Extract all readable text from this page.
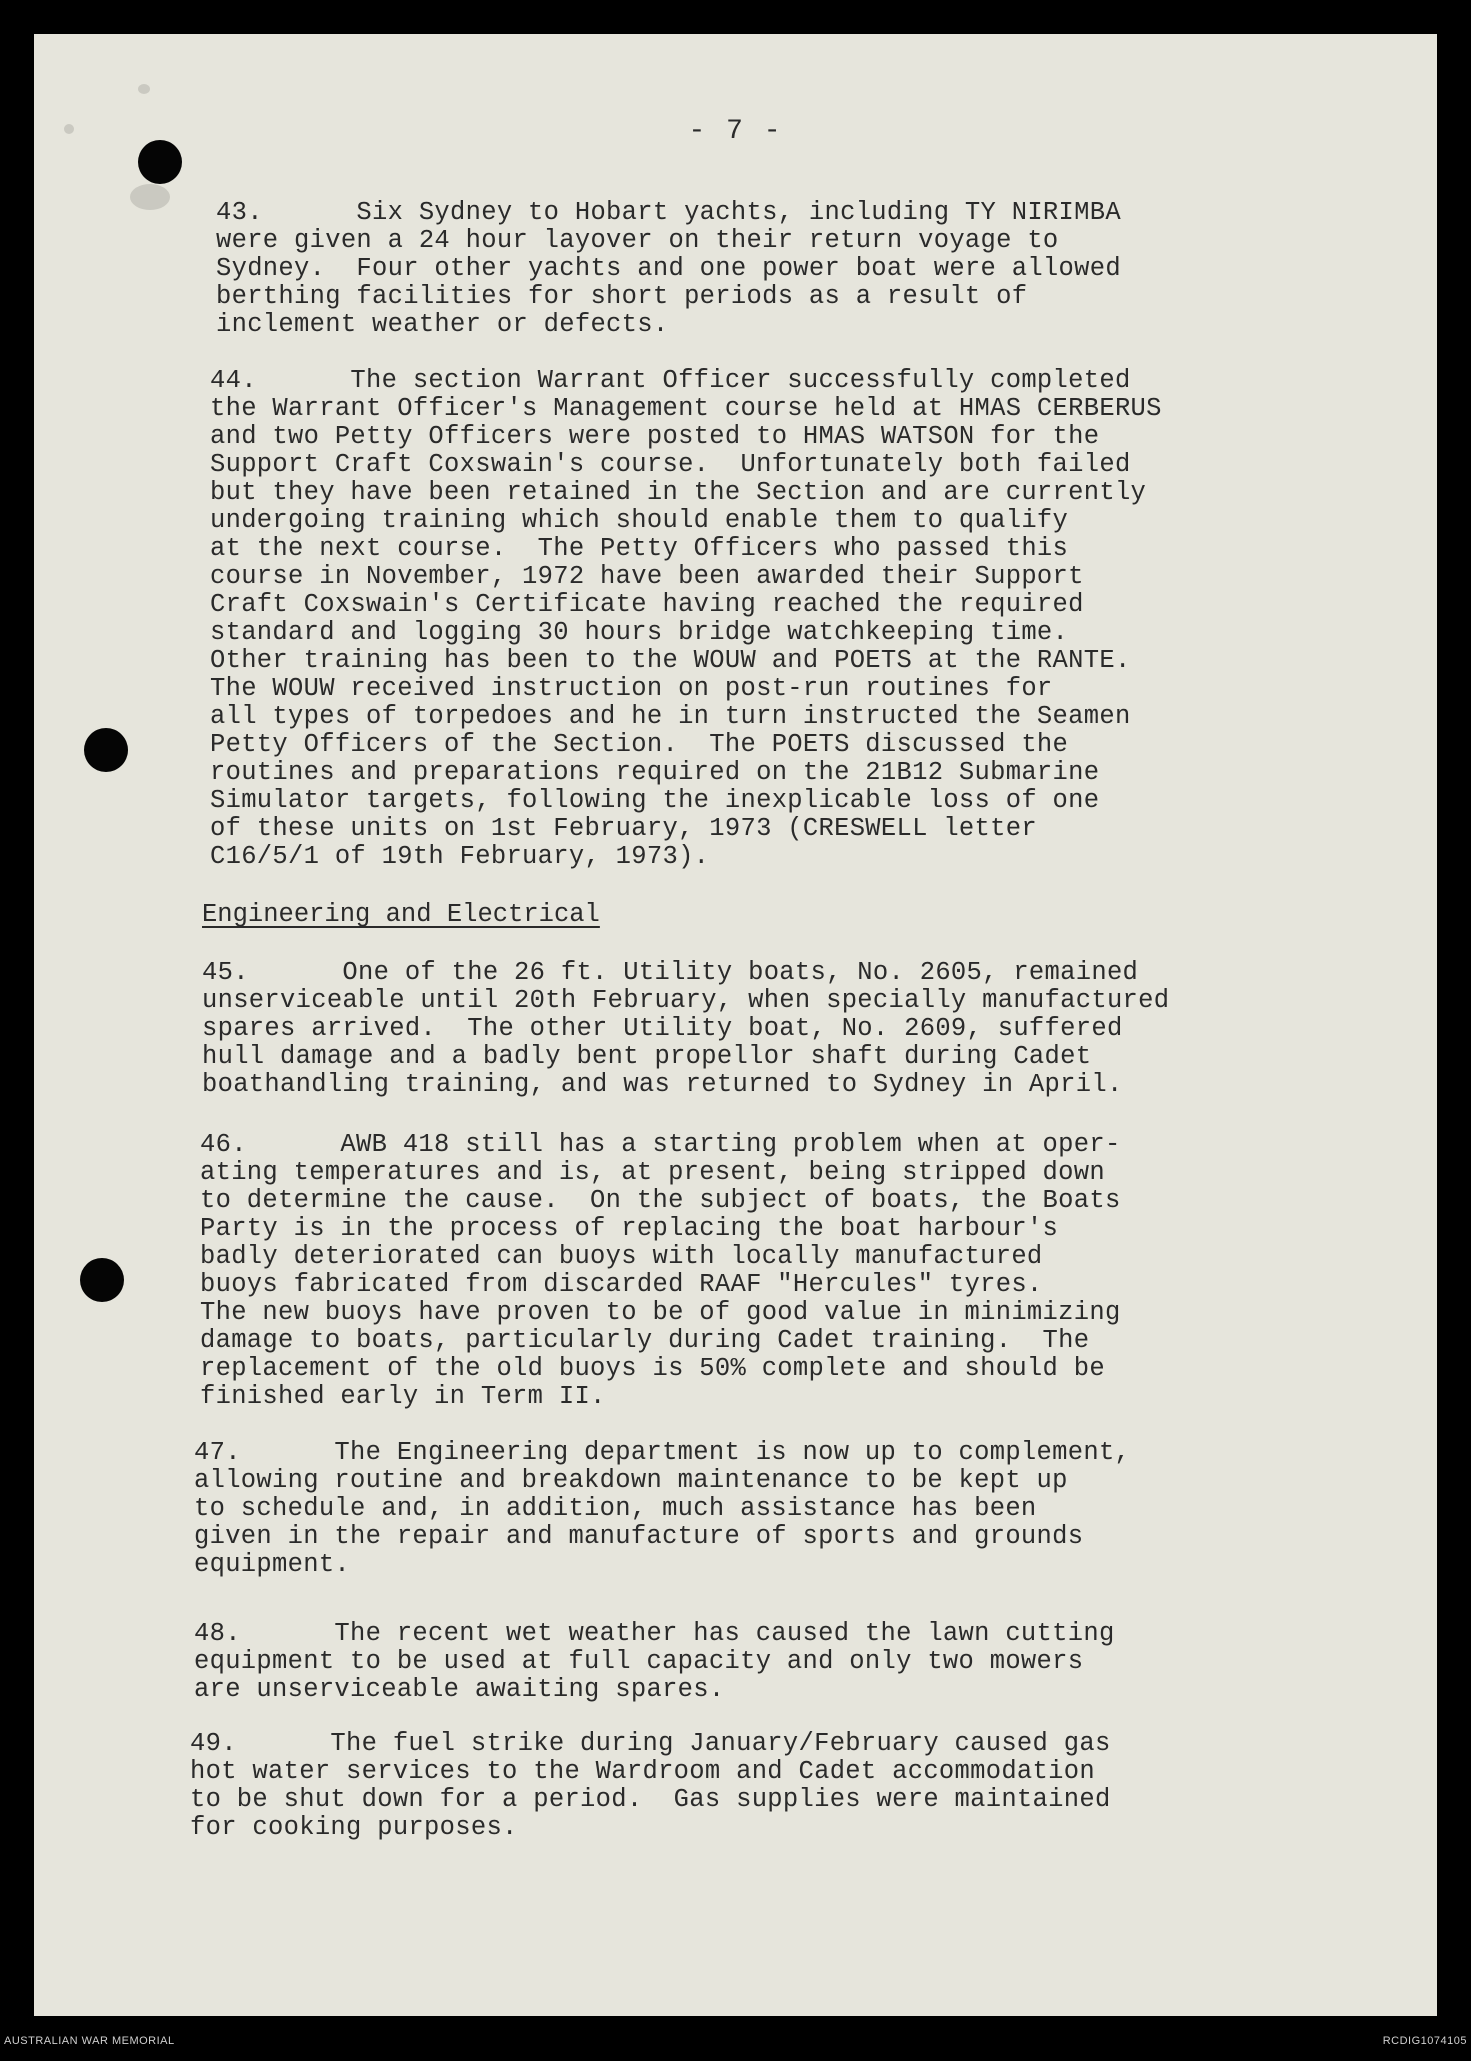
- 7 -
43.      Six Sydney to Hobart yachts, including TY NIRIMBA
were given a 24 hour layover on their return voyage to
Sydney.  Four other yachts and one power boat were allowed
berthing facilities for short periods as a result of
inclement weather or defects.
44.      The section Warrant Officer successfully completed
the Warrant Officer's Management course held at HMAS CERBERUS
and two Petty Officers were posted to HMAS WATSON for the
Support Craft Coxswain's course.  Unfortunately both failed
but they have been retained in the Section and are currently
undergoing training which should enable them to qualify
at the next course.  The Petty Officers who passed this
course in November, 1972 have been awarded their Support
Craft Coxswain's Certificate having reached the required
standard and logging 30 hours bridge watchkeeping time.
Other training has been to the WOUW and POETS at the RANTE.
The WOUW received instruction on post-run routines for
all types of torpedoes and he in turn instructed the Seamen
Petty Officers of the Section.  The POETS discussed the
routines and preparations required on the 21B12 Submarine
Simulator targets, following the inexplicable loss of one
of these units on 1st February, 1973 (CRESWELL letter
C16/5/1 of 19th February, 1973).
Engineering and Electrical
45.      One of the 26 ft. Utility boats, No. 2605, remained
unserviceable until 20th February, when specially manufactured
spares arrived.  The other Utility boat, No. 2609, suffered
hull damage and a badly bent propellor shaft during Cadet
boathandling training, and was returned to Sydney in April.
46.      AWB 418 still has a starting problem when at oper-
ating temperatures and is, at present, being stripped down
to determine the cause.  On the subject of boats, the Boats
Party is in the process of replacing the boat harbour's
badly deteriorated can buoys with locally manufactured
buoys fabricated from discarded RAAF "Hercules" tyres.
The new buoys have proven to be of good value in minimizing
damage to boats, particularly during Cadet training.  The
replacement of the old buoys is 50% complete and should be
finished early in Term II.
47.      The Engineering department is now up to complement,
allowing routine and breakdown maintenance to be kept up
to schedule and, in addition, much assistance has been
given in the repair and manufacture of sports and grounds
equipment.
48.      The recent wet weather has caused the lawn cutting
equipment to be used at full capacity and only two mowers
are unserviceable awaiting spares.
49.      The fuel strike during January/February caused gas
hot water services to the Wardroom and Cadet accommodation
to be shut down for a period.  Gas supplies were maintained
for cooking purposes.
AUSTRALIAN WAR MEMORIAL	RCDIG1074105
